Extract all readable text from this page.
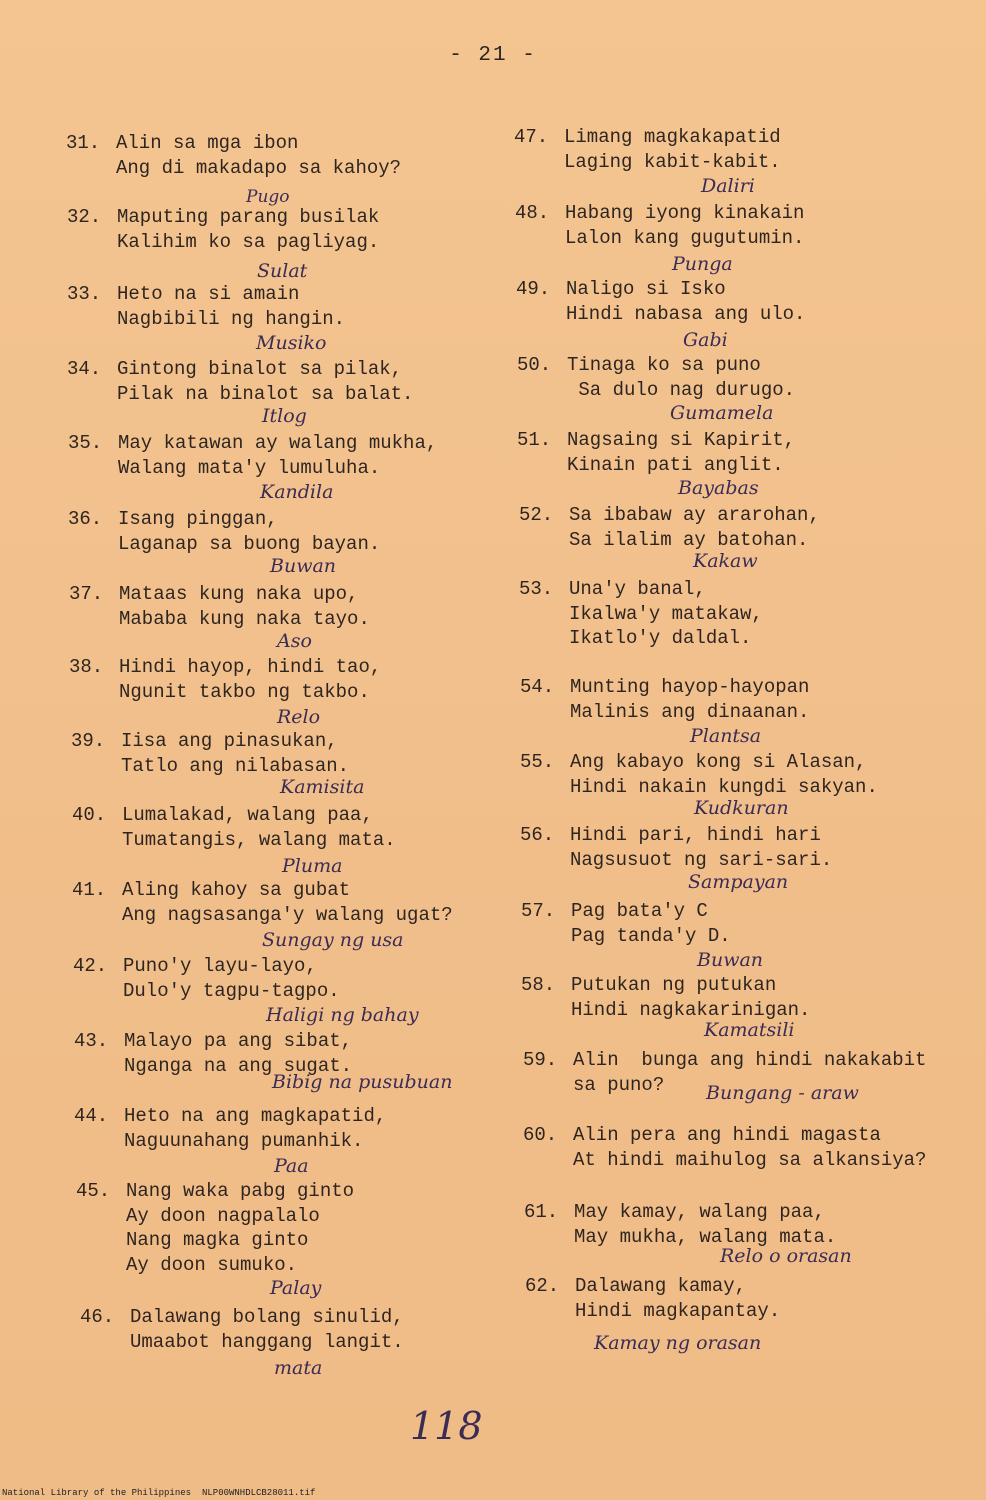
- 21 -
31. Alin sa mga ibon
Ang di makadapo sa kahoy?
32. Maputing parang busilak
Kalihim ko sa pagliyag.
33. Heto na si amain
Nagbibili ng hangin.
34. Gintong binalot sa pilak,
Pilak na binalot sa balat.
35. May katawan ay walang mukha,
Walang mata'y lumuluha.
36. Isang pinggan,
Laganap sa buong bayan.
37. Mataas kung naka upo,
Mababa kung naka tayo.
38. Hindi hayop, hindi tao,
Ngunit takbo ng takbo.
39. Iisa ang pinasukan,
Tatlo ang nilabasan.
40. Lumalakad, walang paa,
Tumatangis, walang mata.
41. Aling kahoy sa gubat
Ang nagsasanga'y walang ugat?
42. Puno'y layu-layo,
Dulo'y tagpu-tagpo.
43. Malayo pa ang sibat,
Nganga na ang sugat.
44. Heto na ang magkapatid,
Naguunahang pumanhik.
45. Nang waka pabg ginto
Ay doon nagpalalo
Nang magka ginto
Ay doon sumuko.
46. Dalawang bolang sinulid,
Umaabot hanggang langit.
47. Limang magkakapatid
Laging kabit-kabit.
48. Habang iyong kinakain
Lalon kang gugutumin.
49. Naligo si Isko
Hindi nabasa ang ulo.
50. Tinaga ko sa puno
Sa dulo nag durugo.
51. Nagsaing si Kapirit,
Kinain pati anglit.
52. Sa ibabaw ay ararohan,
Sa ilalim ay batohan.
53. Una'y banal,
Ikalwa'y matakaw,
Ikatlo'y daldal.
54. Munting hayop-hayopan
Malinis ang dinaanan.
55. Ang kabayo kong si Alasan,
Hindi nakain kungdi sakyan.
56. Hindi pari, hindi hari
Nagsusuot ng sari-sari.
57. Pag bata'y C
Pag tanda'y D.
58. Putukan ng putukan
Hindi nagkakarinigan.
59. Alin  bunga ang hindi nakakabit
sa puno?
60. Alin pera ang hindi magasta
At hindi maihulog sa alkansiya?
61. May kamay, walang paa,
May mukha, walang mata.
62. Dalawang kamay,
Hindi magkapantay.
Pugo
Sulat
Musiko
Itlog
Kandila
Buwan
Aso
Relo
Kamisita
Pluma
Sungay ng usa
Haligi ng bahay
Bibig na pusubuan
Paa
Palay
mata
Daliri
Punga
Gabi
Gumamela
Bayabas
Kakaw
Plantsa
Kudkuran
Sampayan
Buwan
Kamatsili
Bungang - araw
Relo o orasan
Kamay ng orasan
118
National Library of the Philippines NLP00WNHDLCB28011.tif
